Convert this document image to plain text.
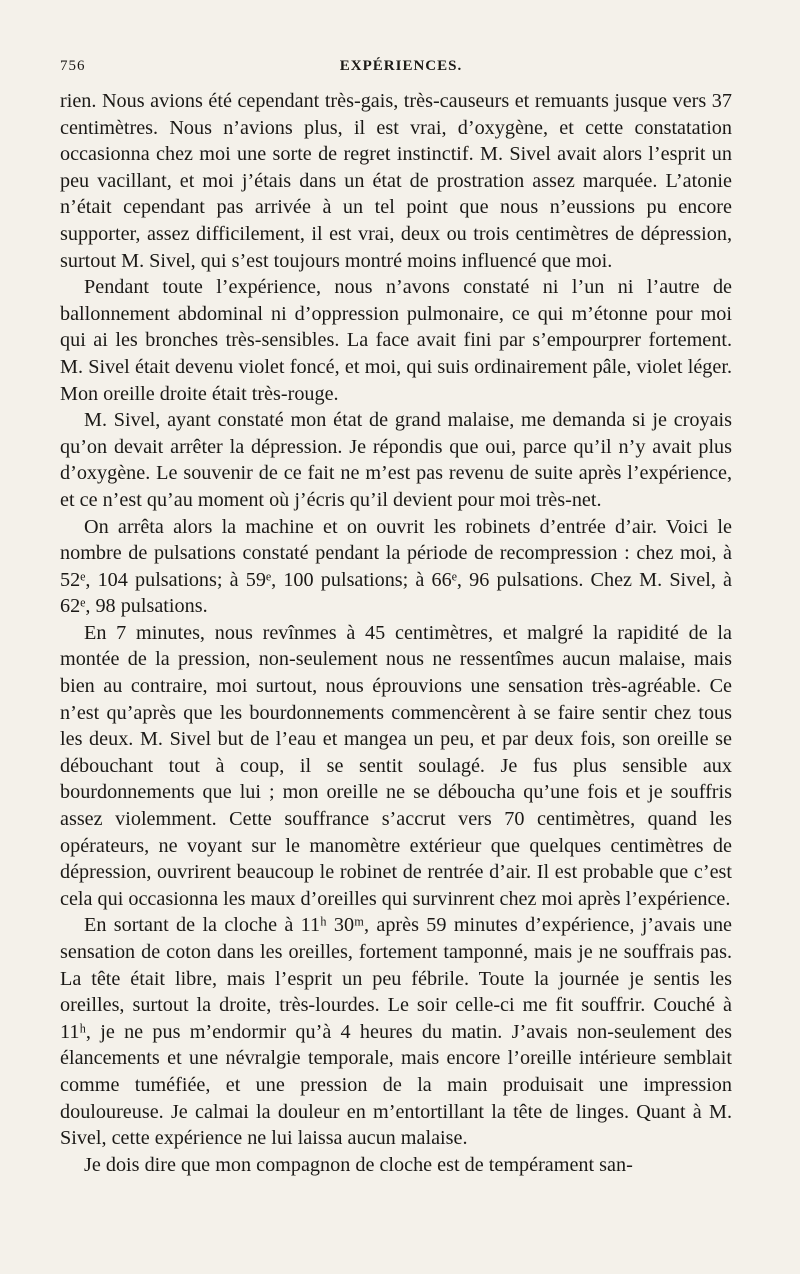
756	EXPÉRIENCES.

rien. Nous avions été cependant très-gais, très-causeurs et remuants jusque vers 37 centimètres. Nous n’avions plus, il est vrai, d’oxygène, et cette constatation occasionna chez moi une sorte de regret instinctif. M. Sivel avait alors l’esprit un peu vacillant, et moi j’étais dans un état de prostration assez marquée. L’atonie n’était cependant pas arrivée à un tel point que nous n’eussions pu encore supporter, assez difficilement, il est vrai, deux ou trois centimètres de dépression, surtout M. Sivel, qui s’est toujours montré moins influencé que moi.

Pendant toute l’expérience, nous n’avons constaté ni l’un ni l’autre de ballonnement abdominal ni d’oppression pulmonaire, ce qui m’étonne pour moi qui ai les bronches très-sensibles. La face avait fini par s’empourprer fortement. M. Sivel était devenu violet foncé, et moi, qui suis ordinairement pâle, violet léger. Mon oreille droite était très-rouge.

M. Sivel, ayant constaté mon état de grand malaise, me demanda si je croyais qu’on devait arrêter la dépression. Je répondis que oui, parce qu’il n’y avait plus d’oxygène. Le souvenir de ce fait ne m’est pas revenu de suite après l’expérience, et ce n’est qu’au moment où j’écris qu’il devient pour moi très-net.

On arrêta alors la machine et on ouvrit les robinets d’entrée d’air. Voici le nombre de pulsations constaté pendant la période de recompression : chez moi, à 52ᵉ, 104 pulsations; à 59ᵉ, 100 pulsations; à 66ᵉ, 96 pulsations. Chez M. Sivel, à 62ᵉ, 98 pulsations.

En 7 minutes, nous revînmes à 45 centimètres, et malgré la rapidité de la montée de la pression, non-seulement nous ne ressentîmes aucun malaise, mais bien au contraire, moi surtout, nous éprouvions une sensation très-agréable. Ce n’est qu’après que les bourdonnements commencèrent à se faire sentir chez tous les deux. M. Sivel but de l’eau et mangea un peu, et par deux fois, son oreille se débouchant tout à coup, il se sentit soulagé. Je fus plus sensible aux bourdonnements que lui ; mon oreille ne se déboucha qu’une fois et je souffris assez violemment. Cette souffrance s’accrut vers 70 centimètres, quand les opérateurs, ne voyant sur le manomètre extérieur que quelques centimètres de dépression, ouvrirent beaucoup le robinet de rentrée d’air. Il est probable que c’est cela qui occasionna les maux d’oreilles qui survinrent chez moi après l’expérience.

En sortant de la cloche à 11ʰ 30ᵐ, après 59 minutes d’expérience, j’avais une sensation de coton dans les oreilles, fortement tamponné, mais je ne souffrais pas. La tête était libre, mais l’esprit un peu fébrile. Toute la journée je sentis les oreilles, surtout la droite, très-lourdes. Le soir celle-ci me fit souffrir. Couché à 11ʰ, je ne pus m’endormir qu’à 4 heures du matin. J’avais non-seulement des élancements et une névralgie temporale, mais encore l’oreille intérieure semblait comme tuméfiée, et une pression de la main produisait une impression douloureuse. Je calmai la douleur en m’entortillant la tête de linges. Quant à M. Sivel, cette expérience ne lui laissa aucun malaise.

Je dois dire que mon compagnon de cloche est de tempérament san-
